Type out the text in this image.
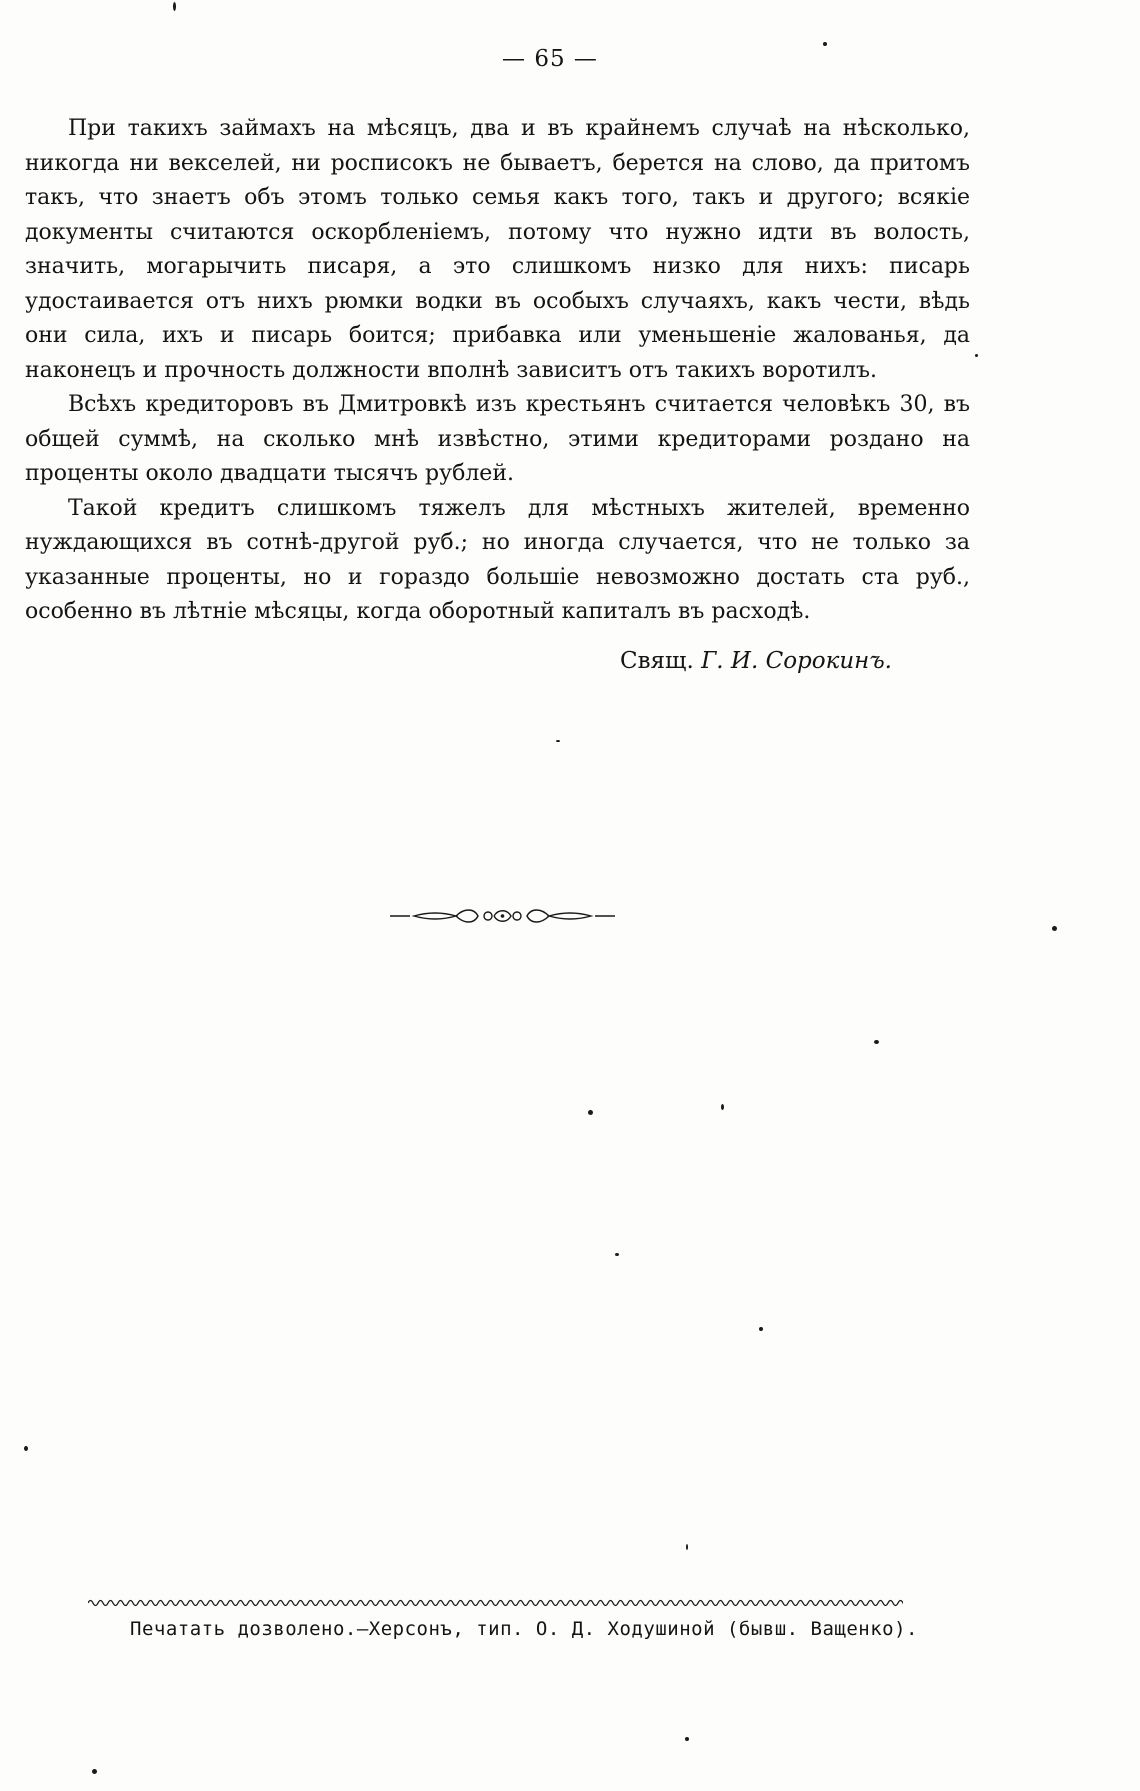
— 65 —

При такихъ займахъ на мѣсяцъ, два и въ крайнемъ случаѣ на нѣсколько, никогда ни векселей, ни росписокъ не бываетъ, берется на слово, да притомъ такъ, что знаетъ объ этомъ только семья какъ того, такъ и другого; всякіе документы считаются оскорбленіемъ, потому что нужно идти въ волость, значить, могарычить писаря, а это слишкомъ низко для нихъ: писарь удостаивается отъ нихъ рюмки водки въ особыхъ случаяхъ, какъ чести, вѣдь они сила, ихъ и писарь боится; прибавка или уменьшеніе жалованья, да наконецъ и прочность должности вполнѣ зависитъ отъ такихъ воротилъ.

Всѣхъ кредиторовъ въ Дмитровкѣ изъ крестьянъ считается человѣкъ 30, въ общей суммѣ, на сколько мнѣ извѣстно, этими кредиторами роздано на проценты около двадцати тысячъ рублей.

Такой кредитъ слишкомъ тяжелъ для мѣстныхъ жителей, временно нуждающихся въ сотнѣ-другой руб.; но иногда случается, что не только за указанные проценты, но и гораздо большіе невозможно достать ста руб., особенно въ лѣтніе мѣсяцы, когда оборотный капиталъ въ расходѣ.

Свящ. Г. И. Сорокинъ.
Печатать дозволено.—Херсонъ, тип. О. Д. Ходушиной (бывш. Ващенко).
